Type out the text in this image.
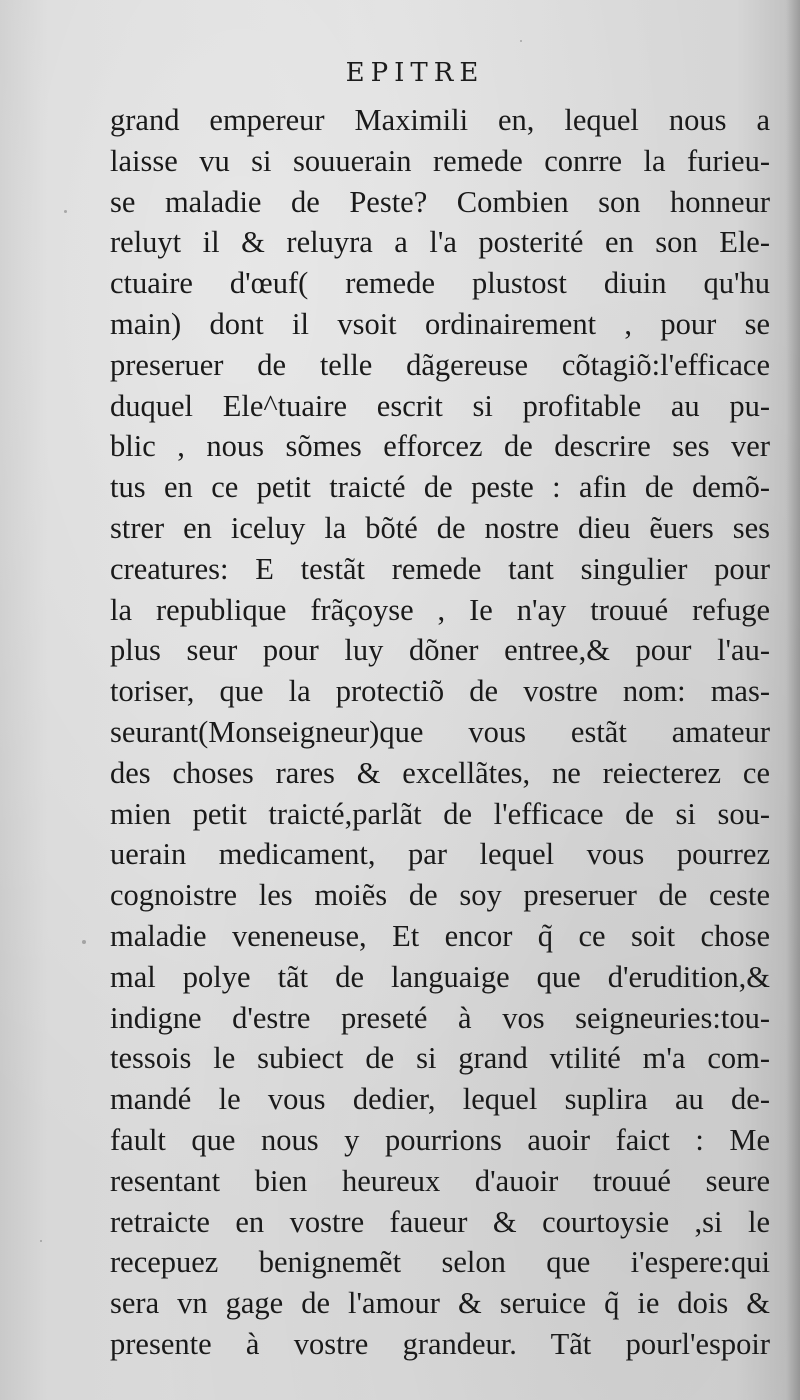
EPITRE
grand empereur Maximili en, lequel nous a
laisse vu si souuerain remede conrre la furieu-
se maladie de Peste? Combien son honneur
reluyt il & reluyra a l'a posterité en son Ele-
ctuaire d'œuf( remede plustost diuin qu'hu
main) dont il vsoit ordinairement , pour se
preseruer de telle dãgereuse cõtagiõ:l'efficace
duquel Ele^tuaire escrit si profitable au pu-
blic , nous sõmes efforcez de descrire ses ver
tus en ce petit traicté de peste : afin de demõ-
strer en iceluy la bõté de nostre dieu ẽuers ses
creatures: E testãt remede tant singulier pour
la republique frãçoyse , Ie n'ay trouué refuge
plus seur pour luy dõner entree,& pour l'au-
toriser, que la protectiõ de vostre nom: mas-
seurant(Monseigneur)que vous estãt amateur
des choses rares & excellãtes, ne reiecterez ce
mien petit traicté,parlãt de l'efficace de si sou-
uerain medicament, par lequel vous pourrez
cognoistre les moiẽs de soy preseruer de ceste
maladie veneneuse, Et encor q̃ ce soit chose
mal polye tãt de languaige que d'erudition,&
indigne d'estre preseté à vos seigneuries:tou-
tessois le subiect de si grand vtilité m'a com-
mandé le vous dedier, lequel suplira au de-
fault que nous y pourrions auoir faict : Me
resentant bien heureux d'auoir trouué seure
retraicte en vostre faueur & courtoysie ,si le
recepuez benignemẽt selon que i'espere:qui
sera vn gage de l'amour & seruice q̃ ie dois &
presente à vostre grandeur. Tãt pourl'espoir
